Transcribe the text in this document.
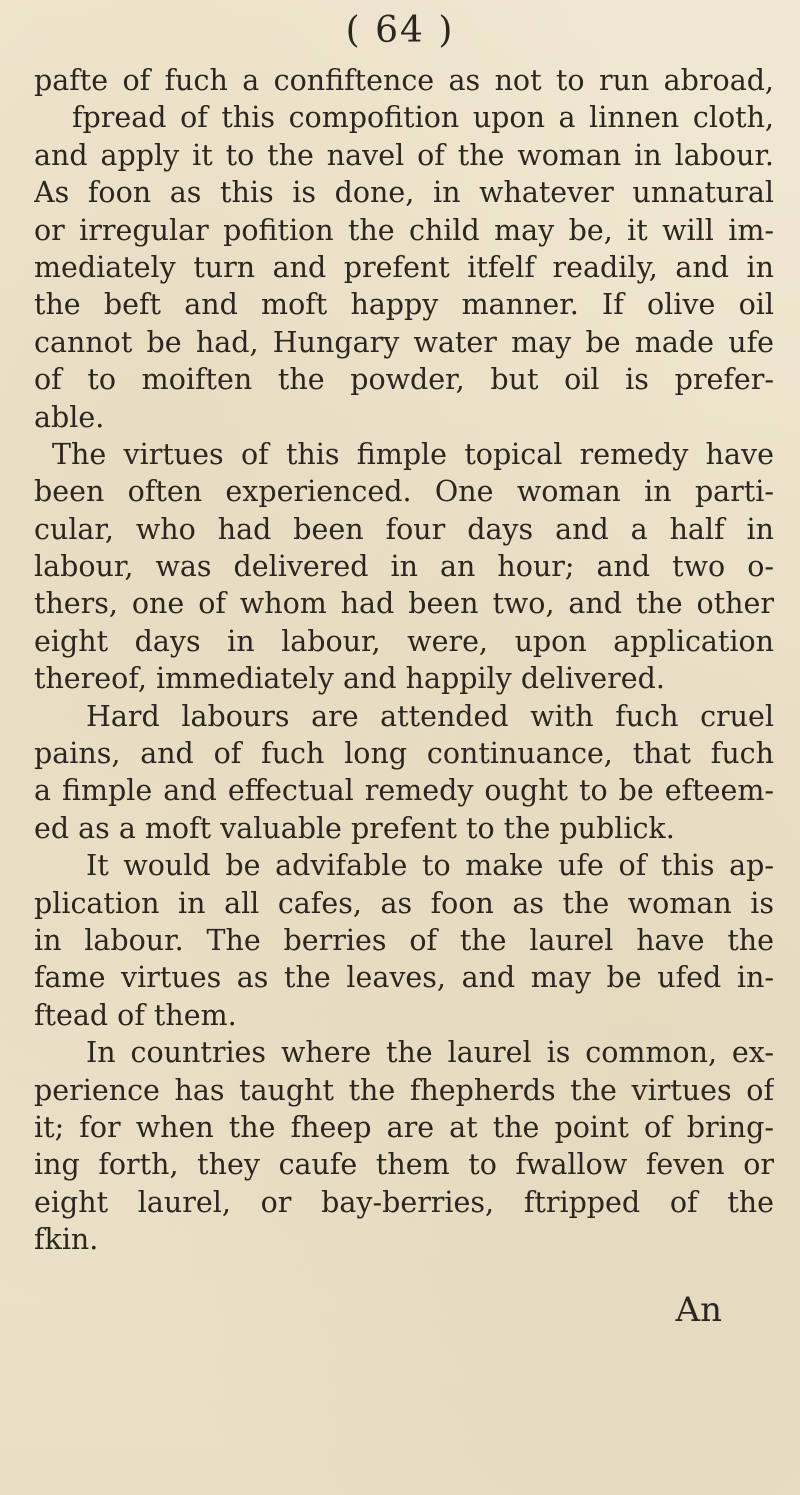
( 64 )
pafte of fuch a confiftence as not to run abroad,
fpread of this compofition upon a linnen cloth,
and apply it to the navel of the woman in labour.
As foon as this is done, in whatever unnatural
or irregular pofition the child may be, it will im-
mediately turn and prefent itfelf readily, and in
the beft and moft happy manner. If olive oil
cannot be had, Hungary water may be made ufe
of to moiften the powder, but oil is prefer-
able.
The virtues of this fimple topical remedy have
been often experienced. One woman in parti-
cular, who had been four days and a half in
labour, was delivered in an hour; and two o-
thers, one of whom had been two, and the other
eight days in labour, were, upon application
thereof, immediately and happily delivered.
Hard labours are attended with fuch cruel
pains, and of fuch long continuance, that fuch
a fimple and effectual remedy ought to be efteem-
ed as a moft valuable prefent to the publick.
It would be advifable to make ufe of this ap-
plication in all cafes, as foon as the woman is
in labour. The berries of the laurel have the
fame virtues as the leaves, and may be ufed in-
ftead of them.
In countries where the laurel is common, ex-
perience has taught the fhepherds the virtues of
it; for when the fheep are at the point of bring-
ing forth, they caufe them to fwallow feven or
eight laurel, or bay-berries, ftripped of the
fkin.
An
